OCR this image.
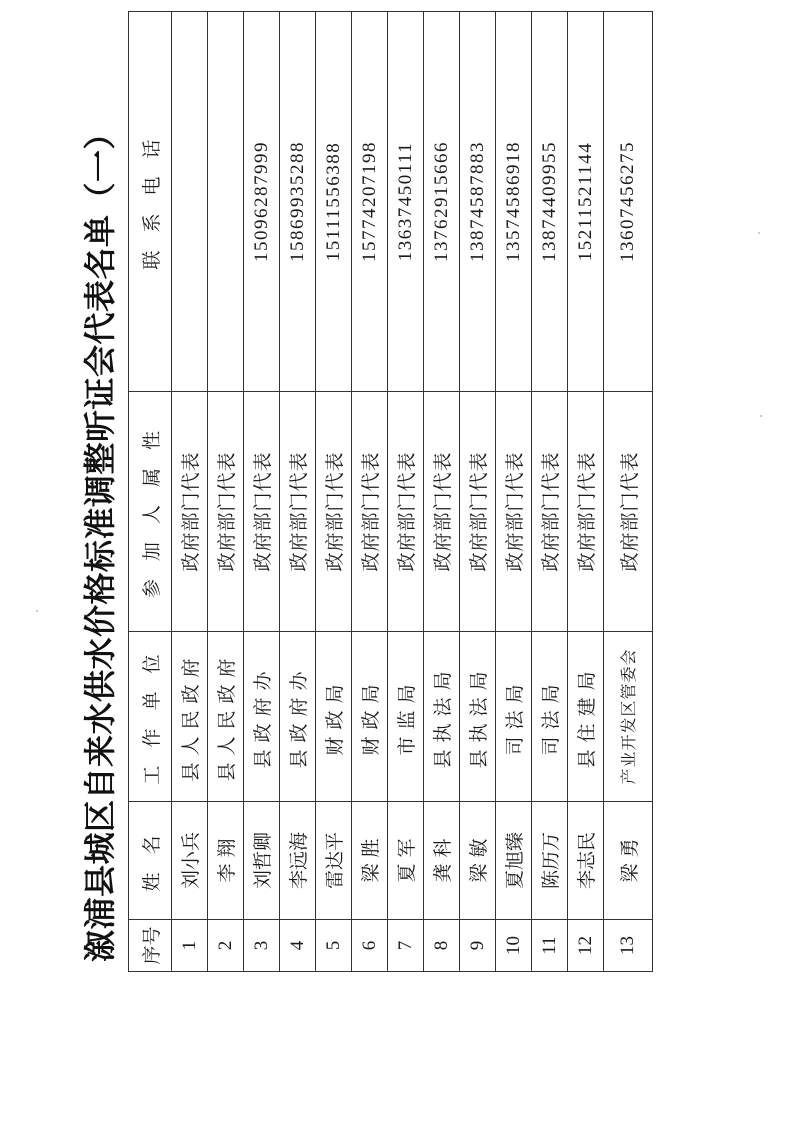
溆浦县城区自来水供水价格标准调整听证会代表名单（一） 序号	姓 名	工 作 单 位	参 加 人 属 性	联 系 电 话
1	刘小兵	县人民政府	政府部门代表	
2	李 翔	县人民政府	政府部门代表	
3	刘哲卿	县政府办	政府部门代表	15096287999
4	李远海	县政府办	政府部门代表	15869935288
5	雷达平	财政局	政府部门代表	15111556388
6	梁 胜	财政局	政府部门代表	15774207198
7	夏 军	市监局	政府部门代表	13637450111
8	龚 科	县执法局	政府部门代表	13762915666
9	梁 敏	县执法局	政府部门代表	13874587883
10	夏旭臻	司法局	政府部门代表	13574586918
11	陈历万	司法局	政府部门代表	13874409955
12	李志民	县住建局	政府部门代表	15211521144
13	梁 勇	产业开发区管委会	政府部门代表	13607456275
